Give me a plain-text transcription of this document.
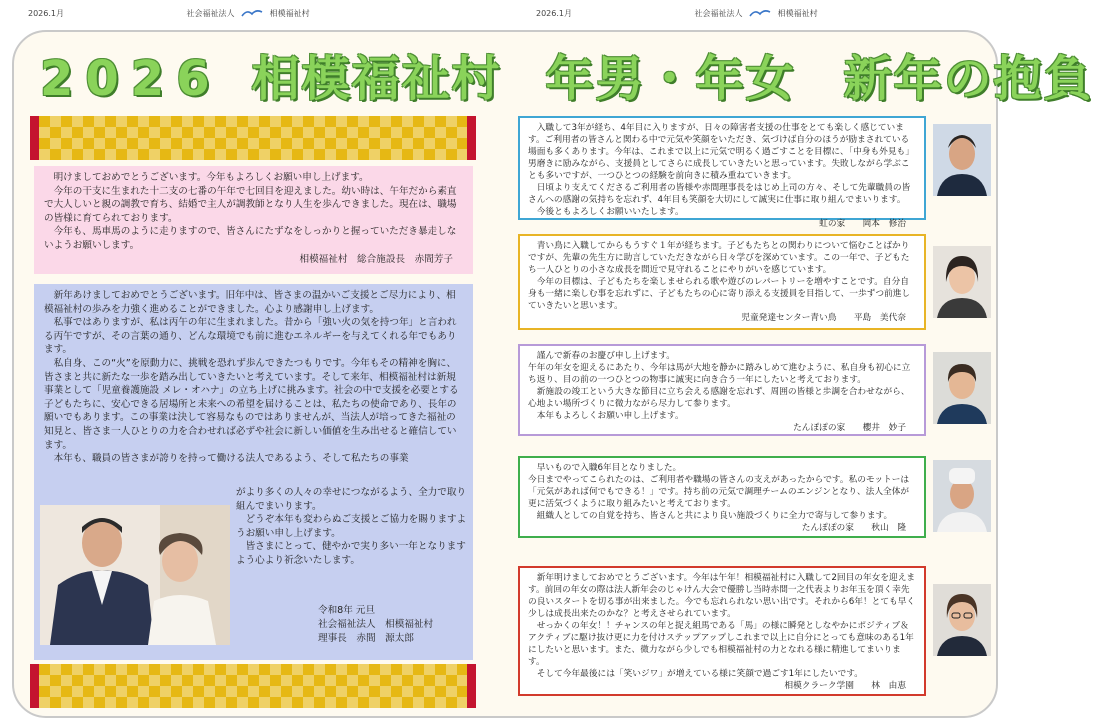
2026.1月	社会福祉法人	相模福祉村	2026.1月	社会福祉法人	相模福祉村
2026 相模福祉村 年男・年女 新年の抱負

明けましておめでとうございます。今年もよろしくお願い申し上げます。

今年の干支に生まれた十二支の七番の午年で七回目を迎えました。幼い時は、午年だから素直で大人しいと親の調教で育ち、結婚で主人が調教師となり人生を歩んできました。現在は、職場の皆様に育てられております。

今年も、馬車馬のように走りますので、皆さんにたずなをしっかりと握っていただき暴走しないようお願いします。

相模福祉村　総合施設長　赤間芳子

新年あけましておめでとうございます。旧年中は、皆さまの温かいご支援とご尽力により、相模福祉村の歩みを力強く進めることができました。心より感謝申し上げます。

私事ではありますが、私は丙午の年に生まれました。昔から「強い火の気を持つ年」と言われる丙午ですが、その言葉の通り、どんな環境でも前に進むエネルギーを与えてくれる年でもあります。

私自身、この“火”を原動力に、挑戦を恐れず歩んできたつもりです。今年もその精神を胸に、皆さまと共に新たな一歩を踏み出していきたいと考えています。そして来年、相模福祉村は新規事業として「児童養護施設 メレ・オハナ」の立ち上げに挑みます。社会の中で支援を必要とする子どもたちに、安心できる居場所と未来への希望を届けることは、私たちの使命であり、長年の願いでもあります。この事業は決して容易なものではありませんが、当法人が培ってきた福祉の知見と、皆さま一人ひとりの力を合わせれば必ずや社会に新しい価値を生み出せると確信しています。

本年も、職員の皆さまが誇りを持って働ける法人であるよう、そして私たちの事業

がより多くの人々の幸せにつながるよう、全力で取り組んでまいります。

どうぞ本年も変わらぬご支援とご協力を賜りますようお願い申し上げます。

皆さまにとって、健やかで実り多い一年となりますよう心より祈念いたします。

令和8年 元旦
社会福祉法人　相模福祉村
理事長　赤間　源太郎

入職して3年が経ち、4年目に入りますが、日々の障害者支援の仕事をとても楽しく感じています。ご利用者の皆さんと関わる中で元気や笑顔をいただき、気づけば自分のほうが励まされている場面も多くあります。今年は、これまで以上に元気で明るく過ごすことを目標に、「中身も外見も」男磨きに励みながら、支援員としてさらに成長していきたいと思っています。失敗しながら学ぶことも多いですが、一つひとつの経験を前向きに積み重ねていきます。

日頃より支えてくださるご利用者の皆様や赤間理事長をはじめ上司の方々、そして先輩職員の皆さんへの感謝の気持ちを忘れず、4年目も笑顔を大切にして誠実に仕事に取り組んでまいります。

今後ともよろしくお願いいたします。

虹の家　　岡本　修治

青い鳥に入職してからもうすぐ１年が経ちます。子どもたちとの関わりについて悩むことばかりですが、先輩の先生方に助言していただきながら日々学びを深めています。この一年で、子どもたち一人ひとりの小さな成長を間近で見守れることにやりがいを感じています。

今年の目標は、子どもたちを楽しませられる歌や遊びのレパートリーを増やすことです。自分自身も一緒に楽しむ事を忘れずに、子どもたちの心に寄り添える支援員を目指して、一歩ずつ前進していきたいと思います。

児童発達センター青い鳥　　平島　美代奈

謹んで新春のお慶び申し上げます。

午年の年女を迎えるにあたり、今年は馬が大地を静かに踏みしめて進むように、私自身も初心に立ち返り、目の前の一つひとつの物事に誠実に向き合う一年にしたいと考えております。

新施設の竣工という大きな節目に立ち会える感謝を忘れず、周囲の皆様と歩調を合わせながら、心地よい場所づくりに微力ながら尽力して参ります。

本年もよろしくお願い申し上げます。

たんぽぽの家　　櫻井　妙子

早いもので入職6年目となりました。

今日までやってこられたのは、ご利用者や職場の皆さんの支えがあったからです。私のモットーは「元気があれば何でもできる！」です。持ち前の元気で調理チームのエンジンとなり、法人全体が更に活気づくように取り組みたいと考えております。

組織人としての自覚を持ち、皆さんと共により良い施設づくりに全力で寄与して参ります。

たんぽぽの家　　秋山　隆

新年明けましておめでとうございます。今年は午年！相模福祉村に入職して2回目の年女を迎えます。前回の年女の際は法人新年会のじゃけん大会で優勝し当時赤間一之代表よりお年玉を頂く幸先の良いスタートを切る事が出来ました。今でも忘れられない思い出です。それから6年！とても早く少しは成長出来たのかな？と考えさせられています。

せっかくの年女！！チャンスの年と捉え組馬である「馬」の様に瞬発としなやかにポジティブ＆アクティブに駆け抜け更に力を付けステップアップしこれまで以上に自分にとっても意味のある1年にしたいと思います。また、微力ながら少しでも相模福祉村の力となれる様に精進してまいります。

そして今年最後には「笑いジワ」が増えている様に笑顔で過ごす1年にしたいです。

相模クラーク学園　　林　由恵
